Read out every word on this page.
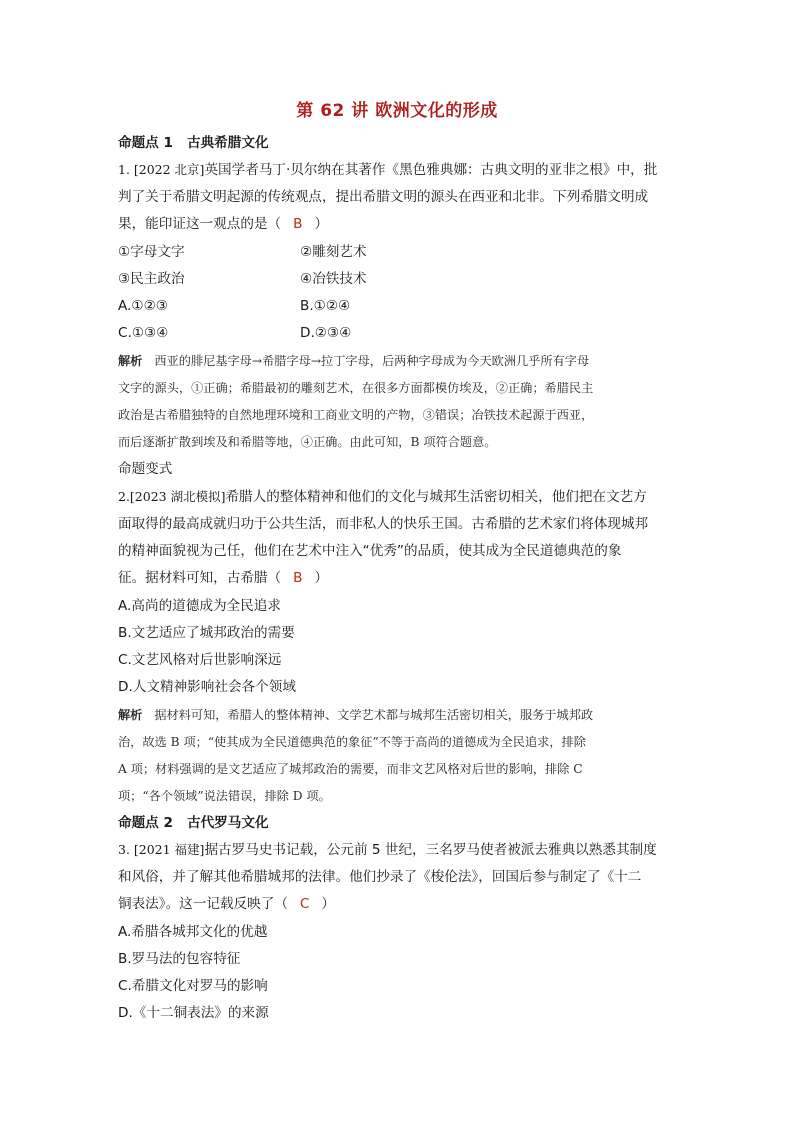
第 62 讲 欧洲文化的形成
命题点 1 古典希腊文化
1. [2022 北京]英国学者马丁·贝尔纳在其著作《黑色雅典娜：古典文明的亚非之根》中，批
判了关于希腊文明起源的传统观点，提出希腊文明的源头在西亚和北非。下列希腊文明成
果，能印证这一观点的是（ B ）
①字母文字	②雕刻艺术
③民主政治	④冶铁技术
A.①②③	B.①②④
C.①③④	D.②③④
解析 西亚的腓尼基字母→希腊字母→拉丁字母，后两种字母成为今天欧洲几乎所有字母
文字的源头，①正确；希腊最初的雕刻艺术，在很多方面都模仿埃及，②正确；希腊民主
政治是古希腊独特的自然地理环境和工商业文明的产物，③错误；冶铁技术起源于西亚，
而后逐渐扩散到埃及和希腊等地，④正确。由此可知，B 项符合题意。
命题变式
2.[2023 湖北模拟]希腊人的整体精神和他们的文化与城邦生活密切相关，他们把在文艺方
面取得的最高成就归功于公共生活，而非私人的快乐王国。古希腊的艺术家们将体现城邦
的精神面貌视为己任，他们在艺术中注入“优秀”的品质，使其成为全民道德典范的象
征。据材料可知，古希腊（ B ）
A.高尚的道德成为全民追求
B.文艺适应了城邦政治的需要
C.文艺风格对后世影响深远
D.人文精神影响社会各个领域
解析 据材料可知，希腊人的整体精神、文学艺术都与城邦生活密切相关，服务于城邦政
治，故选 B 项；“使其成为全民道德典范的象征”不等于高尚的道德成为全民追求，排除
A 项；材料强调的是文艺适应了城邦政治的需要，而非文艺风格对后世的影响，排除 C
项；“各个领域”说法错误，排除 D 项。
命题点 2 古代罗马文化
3. [2021 福建]据古罗马史书记载，公元前 5 世纪，三名罗马使者被派去雅典以熟悉其制度
和风俗，并了解其他希腊城邦的法律。他们抄录了《梭伦法》，回国后参与制定了《十二
铜表法》。这一记载反映了（ C ）
A.希腊各城邦文化的优越
B.罗马法的包容特征
C.希腊文化对罗马的影响
D.《十二铜表法》的来源
